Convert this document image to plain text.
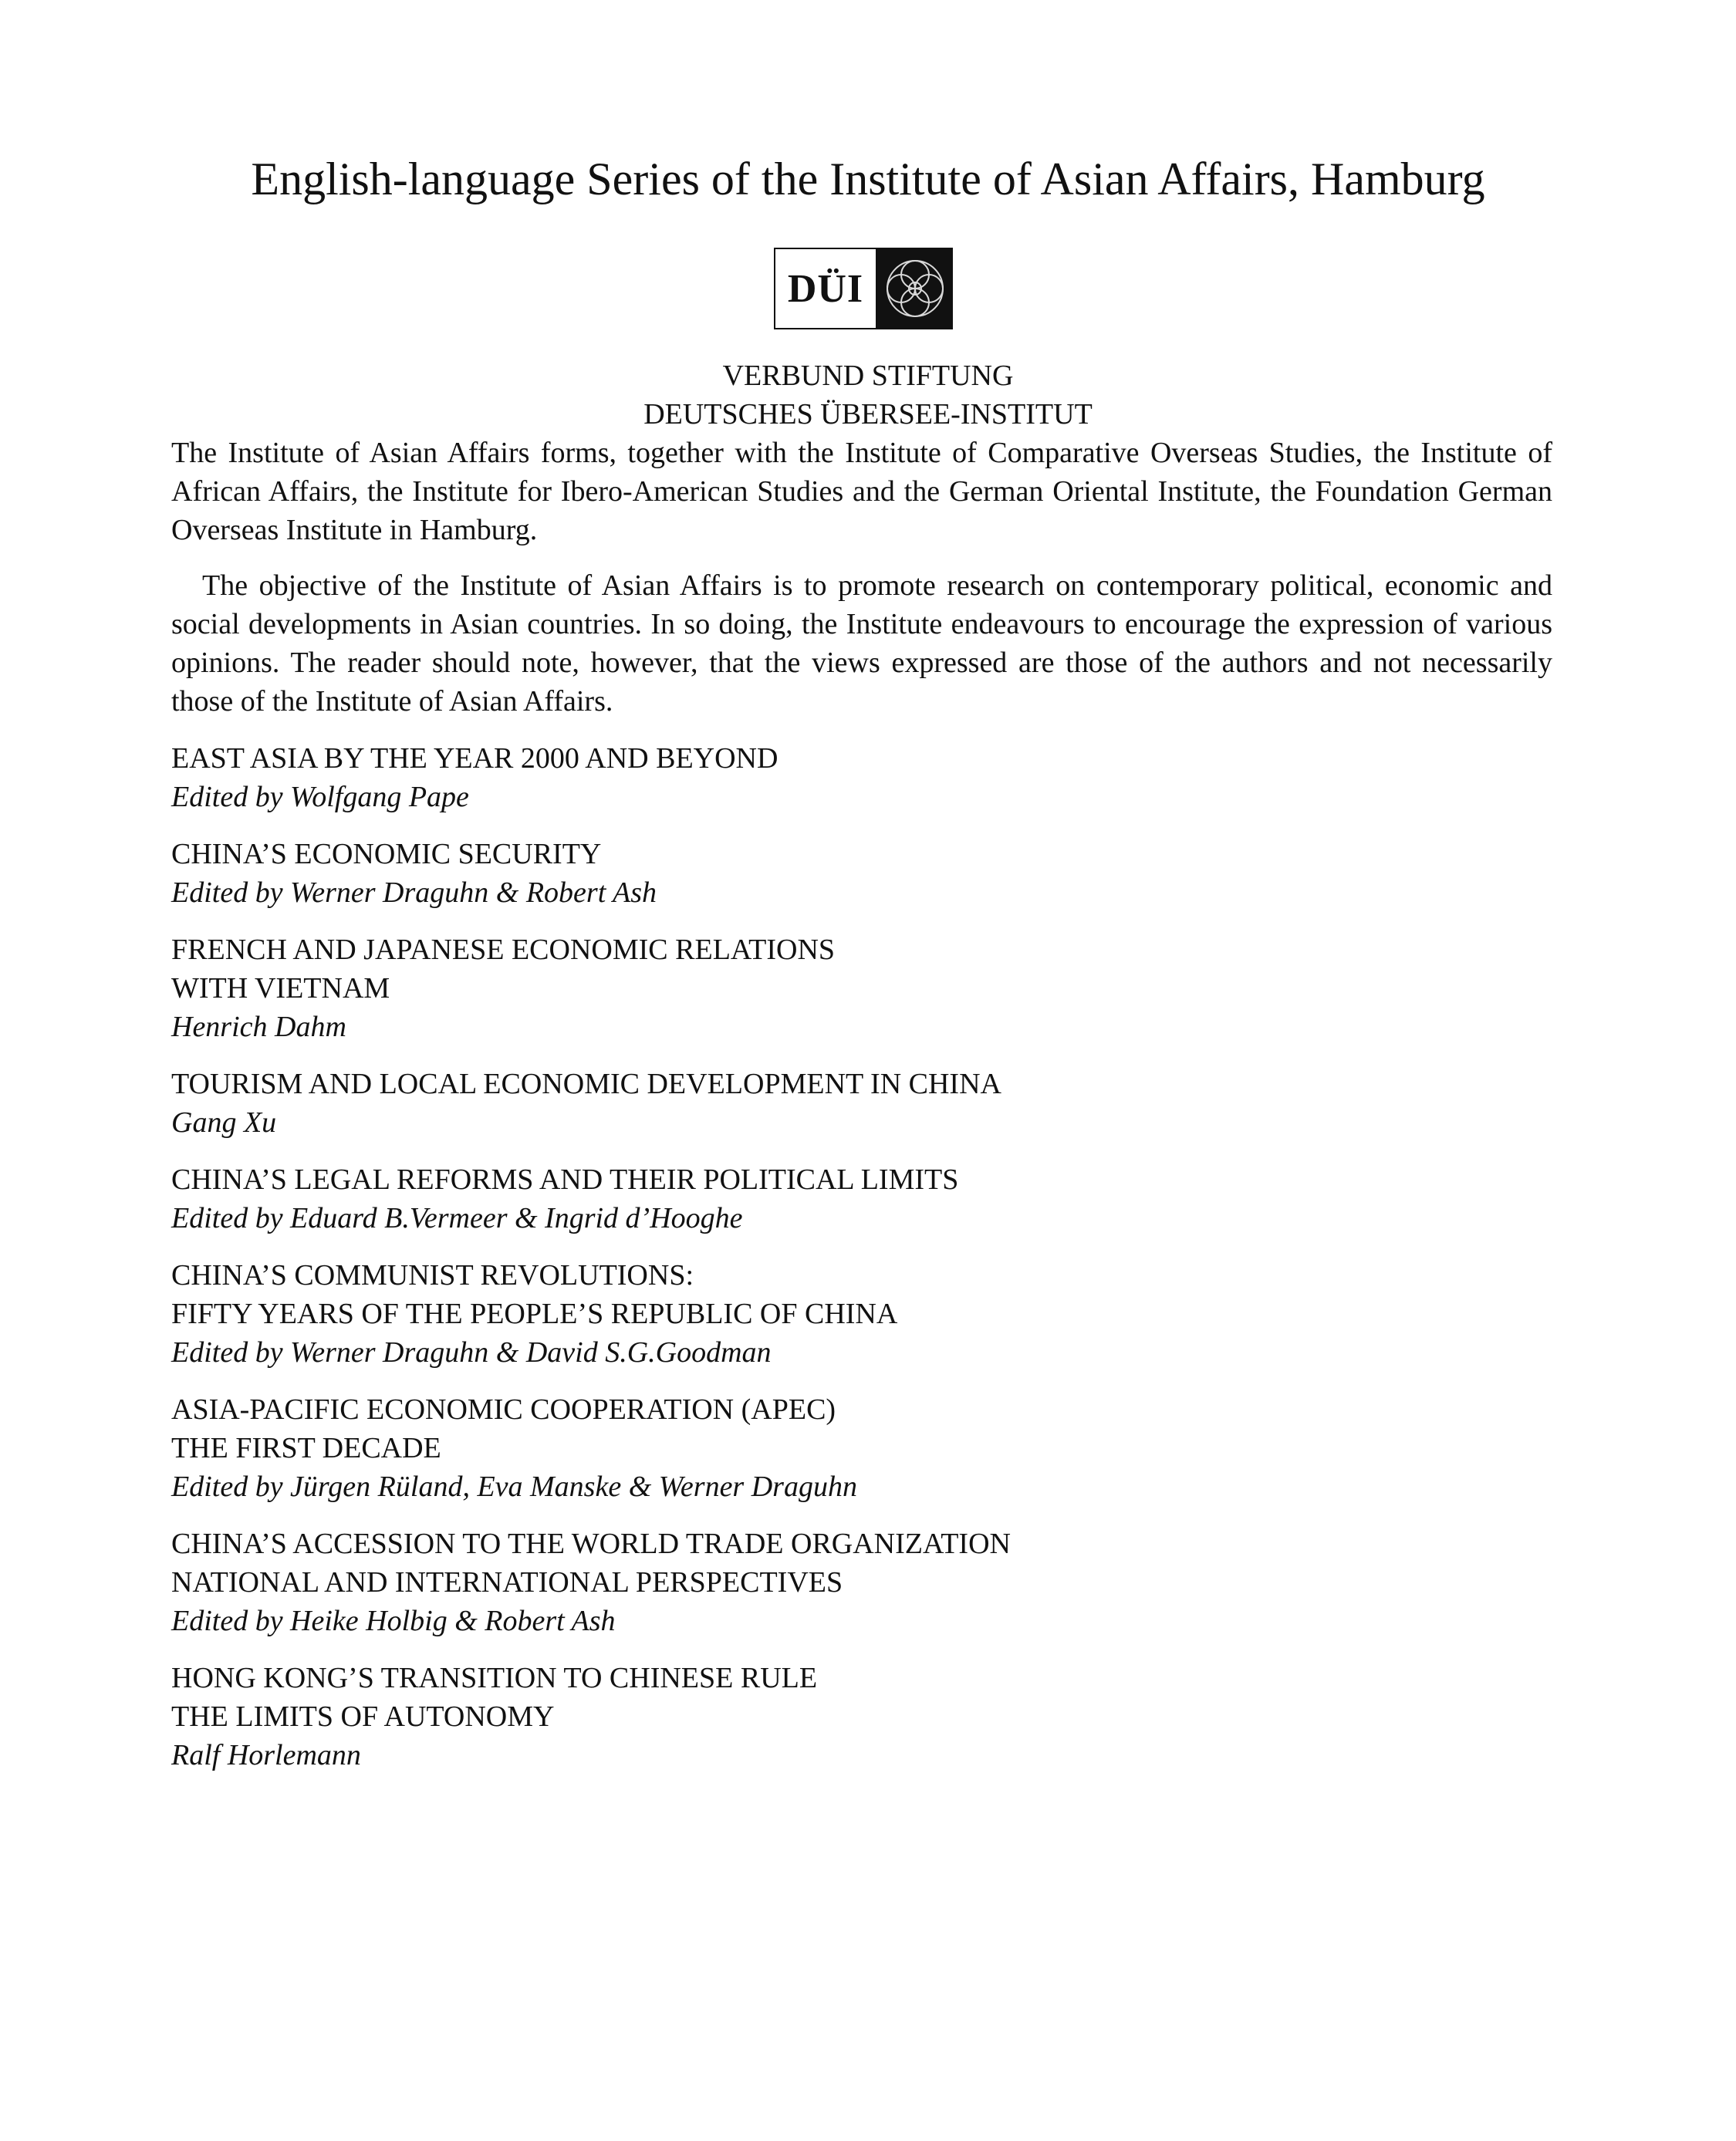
English-language Series of the Institute of Asian Affairs, Hamburg
DÜI
VERBUND STIFTUNG
DEUTSCHES ÜBERSEE-INSTITUT

The Institute of Asian Affairs forms, together with the Institute of Comparative Overseas Studies, the Institute of African Affairs, the Institute for Ibero-American Studies and the German Oriental Institute, the Foundation German Overseas Institute in Hamburg.

The objective of the Institute of Asian Affairs is to promote research on contemporary political, economic and social developments in Asian countries. In so doing, the Institute endeavours to encourage the expression of various opinions. The reader should note, however, that the views expressed are those of the authors and not necessarily those of the Institute of Asian Affairs.

EAST ASIA BY THE YEAR 2000 AND BEYOND
Edited by Wolfgang Pape
CHINA’S ECONOMIC SECURITY
Edited by Werner Draguhn & Robert Ash
FRENCH AND JAPANESE ECONOMIC RELATIONS
WITH VIETNAM
Henrich Dahm
TOURISM AND LOCAL ECONOMIC DEVELOPMENT IN CHINA
Gang Xu
CHINA’S LEGAL REFORMS AND THEIR POLITICAL LIMITS
Edited by Eduard B.Vermeer & Ingrid d’Hooghe
CHINA’S COMMUNIST REVOLUTIONS:
FIFTY YEARS OF THE PEOPLE’S REPUBLIC OF CHINA
Edited by Werner Draguhn & David S.G.Goodman
ASIA-PACIFIC ECONOMIC COOPERATION (APEC)
THE FIRST DECADE
Edited by Jürgen Rüland, Eva Manske & Werner Draguhn
CHINA’S ACCESSION TO THE WORLD TRADE ORGANIZATION
NATIONAL AND INTERNATIONAL PERSPECTIVES
Edited by Heike Holbig & Robert Ash
HONG KONG’S TRANSITION TO CHINESE RULE
THE LIMITS OF AUTONOMY
Ralf Horlemann
